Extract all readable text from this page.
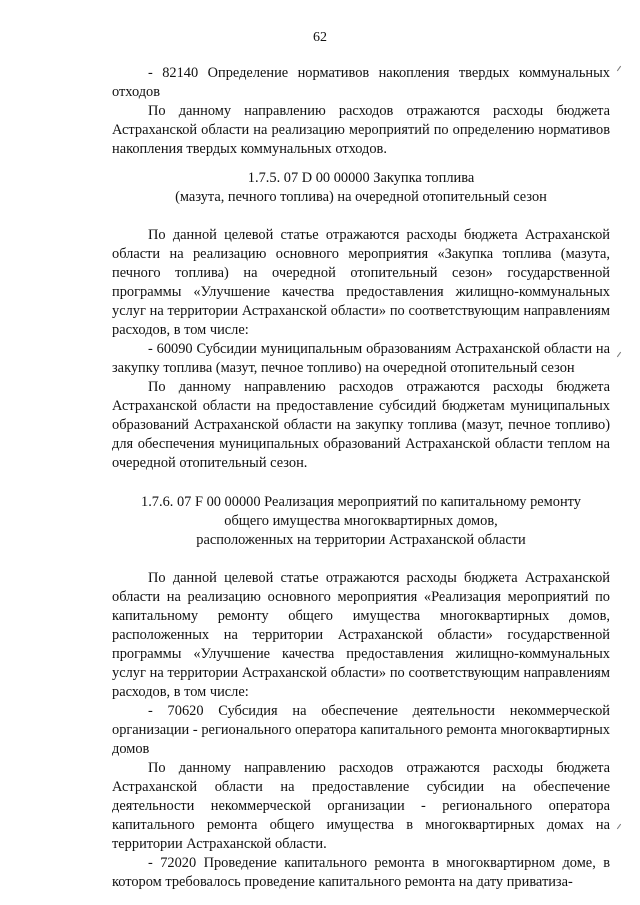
62

- 82140 Определение нормативов накопления твердых коммунальных отходов

По данному направлению расходов отражаются расходы бюджета Астраханской области на реализацию мероприятий по определению нормативов накопления твердых коммунальных отходов.

1.7.5. 07 D 00 00000 Закупка топлива
(мазута, печного топлива) на очередной отопительный сезон

По данной целевой статье отражаются расходы бюджета Астраханской области на реализацию основного мероприятия «Закупка топлива (мазута, печного топлива) на очередной отопительный сезон» государственной программы «Улучшение качества предоставления жилищно-коммунальных услуг на территории Астраханской области» по соответствующим направлениям расходов, в том числе:

- 60090 Субсидии муниципальным образованиям Астраханской области на закупку топлива (мазут, печное топливо) на очередной отопительный сезон

По данному направлению расходов отражаются расходы бюджета Астраханской области на предоставление субсидий бюджетам муниципальных образований Астраханской области на закупку топлива (мазут, печное топливо) для обеспечения муниципальных образований Астраханской области теплом на очередной отопительный сезон.

1.7.6. 07 F 00 00000 Реализация мероприятий по капитальному ремонту
общего имущества многоквартирных домов,
расположенных на территории Астраханской области

По данной целевой статье отражаются расходы бюджета Астраханской области на реализацию основного мероприятия «Реализация мероприятий по капитальному ремонту общего имущества многоквартирных домов, расположенных на территории Астраханской области» государственной программы «Улучшение качества предоставления жилищно-коммунальных услуг на территории Астраханской области» по соответствующим направлениям расходов, в том числе:

- 70620 Субсидия на обеспечение деятельности некоммерческой организации - регионального оператора капитального ремонта многоквартирных домов

По данному направлению расходов отражаются расходы бюджета Астраханской области на предоставление субсидии на обеспечение деятельности некоммерческой организации - регионального оператора капитального ремонта общего имущества в многоквартирных домах на территории Астраханской области.

- 72020 Проведение капитального ремонта в многоквартирном доме, в котором требовалось проведение капитального ремонта на дату приватиза-
